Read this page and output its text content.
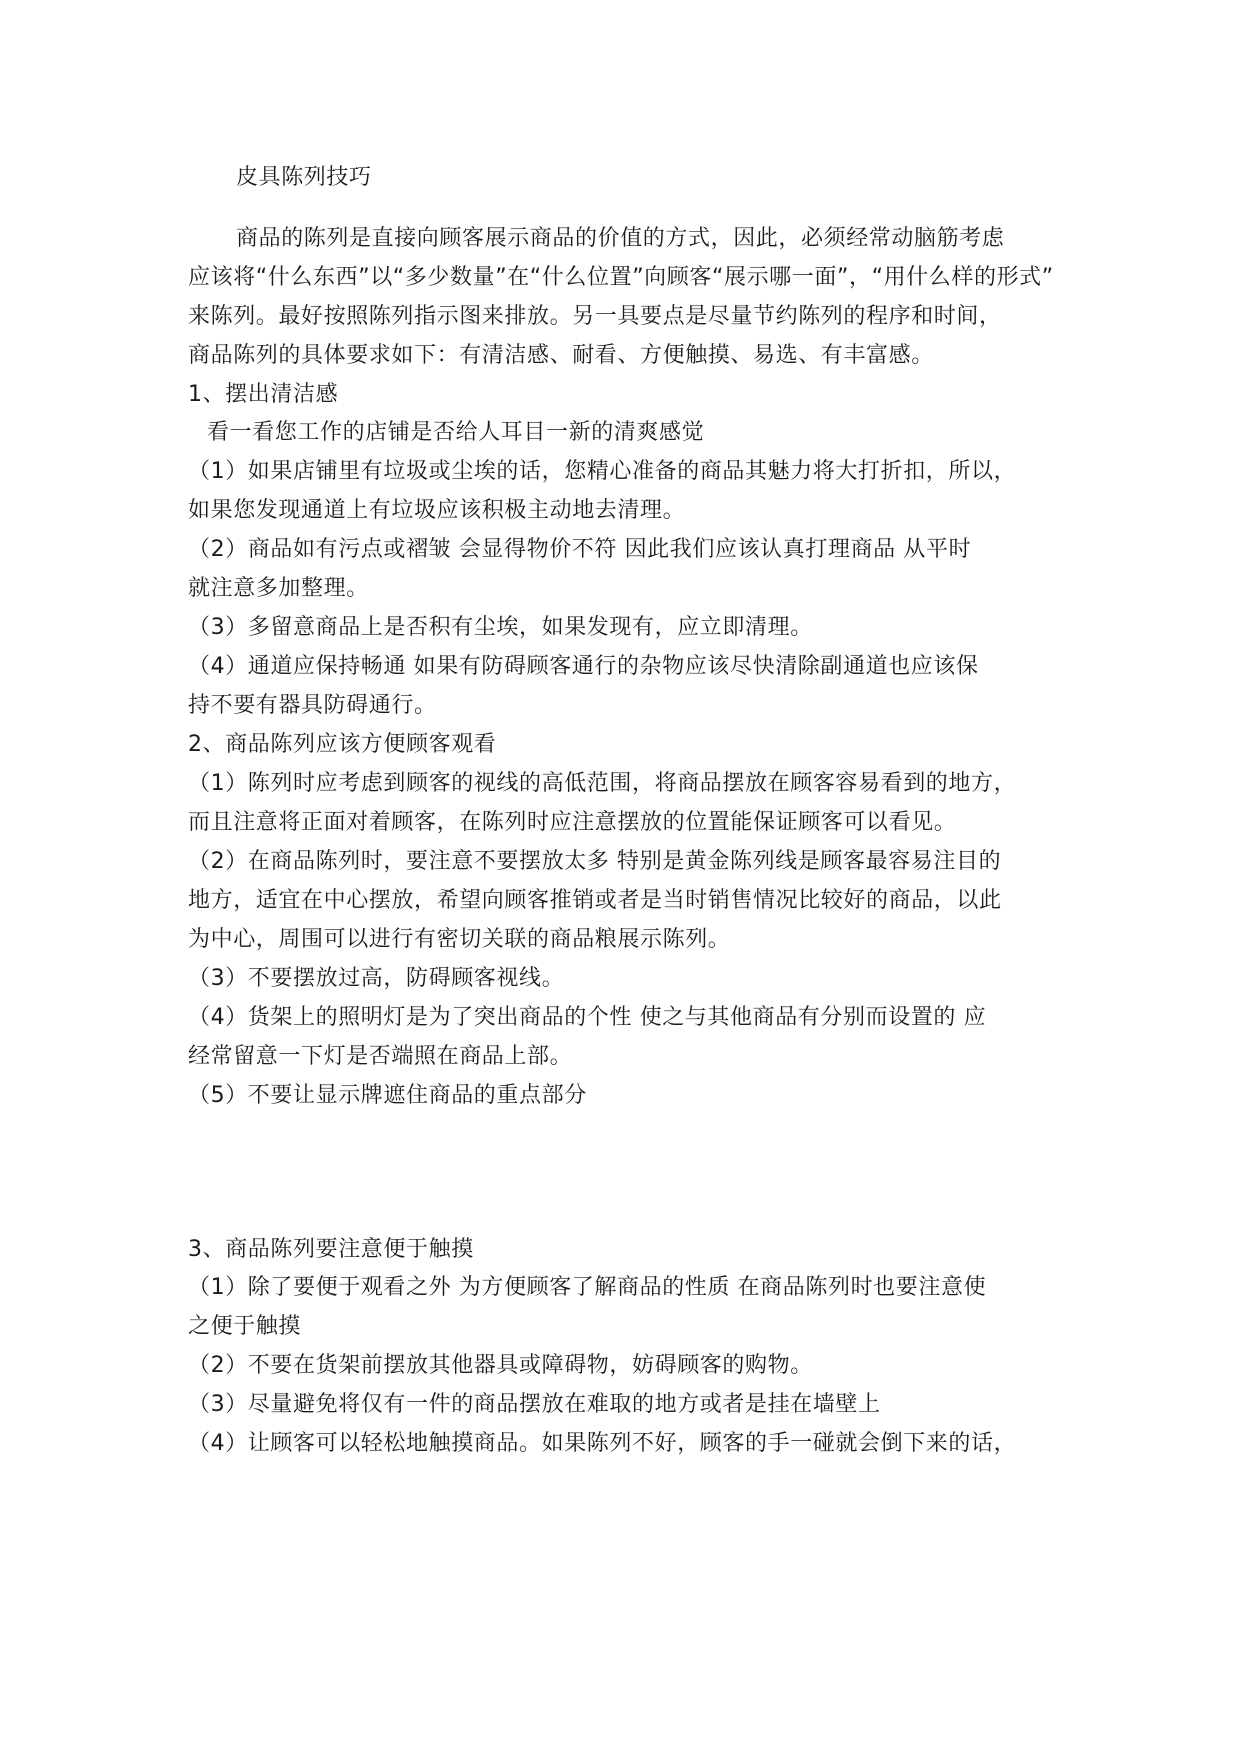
皮具陈列技巧
商品的陈列是直接向顾客展示商品的价值的方式，因此，必须经常动脑筋考虑
应该将“什么东西”以“多少数量”在“什么位置”向顾客“展示哪一面”，“用什么样的形式”
来陈列。最好按照陈列指示图来排放。另一具要点是尽量节约陈列的程序和时间，
商品陈列的具体要求如下：有清洁感、耐看、方便触摸、易选、有丰富感。
1、摆出清洁感
看一看您工作的店铺是否给人耳目一新的清爽感觉
（1）如果店铺里有垃圾或尘埃的话，您精心准备的商品其魅力将大打折扣，所以，
如果您发现通道上有垃圾应该积极主动地去清理。
（2）商品如有污点或褶皱 会显得物价不符 因此我们应该认真打理商品 从平时
就注意多加整理。
（3）多留意商品上是否积有尘埃，如果发现有，应立即清理。
（4）通道应保持畅通 如果有防碍顾客通行的杂物应该尽快清除副通道也应该保
持不要有器具防碍通行。
2、商品陈列应该方便顾客观看
（1）陈列时应考虑到顾客的视线的高低范围，将商品摆放在顾客容易看到的地方，
而且注意将正面对着顾客，在陈列时应注意摆放的位置能保证顾客可以看见。
（2）在商品陈列时，要注意不要摆放太多 特别是黄金陈列线是顾客最容易注目的
地方，适宜在中心摆放，希望向顾客推销或者是当时销售情况比较好的商品，以此
为中心，周围可以进行有密切关联的商品粮展示陈列。
（3）不要摆放过高，防碍顾客视线。
（4）货架上的照明灯是为了突出商品的个性 使之与其他商品有分别而设置的 应
经常留意一下灯是否端照在商品上部。
（5）不要让显示牌遮住商品的重点部分
3、商品陈列要注意便于触摸
（1）除了要便于观看之外 为方便顾客了解商品的性质 在商品陈列时也要注意使
之便于触摸
（2）不要在货架前摆放其他器具或障碍物，妨碍顾客的购物。
（3）尽量避免将仅有一件的商品摆放在难取的地方或者是挂在墙壁上
（4）让顾客可以轻松地触摸商品。如果陈列不好，顾客的手一碰就会倒下来的话，
